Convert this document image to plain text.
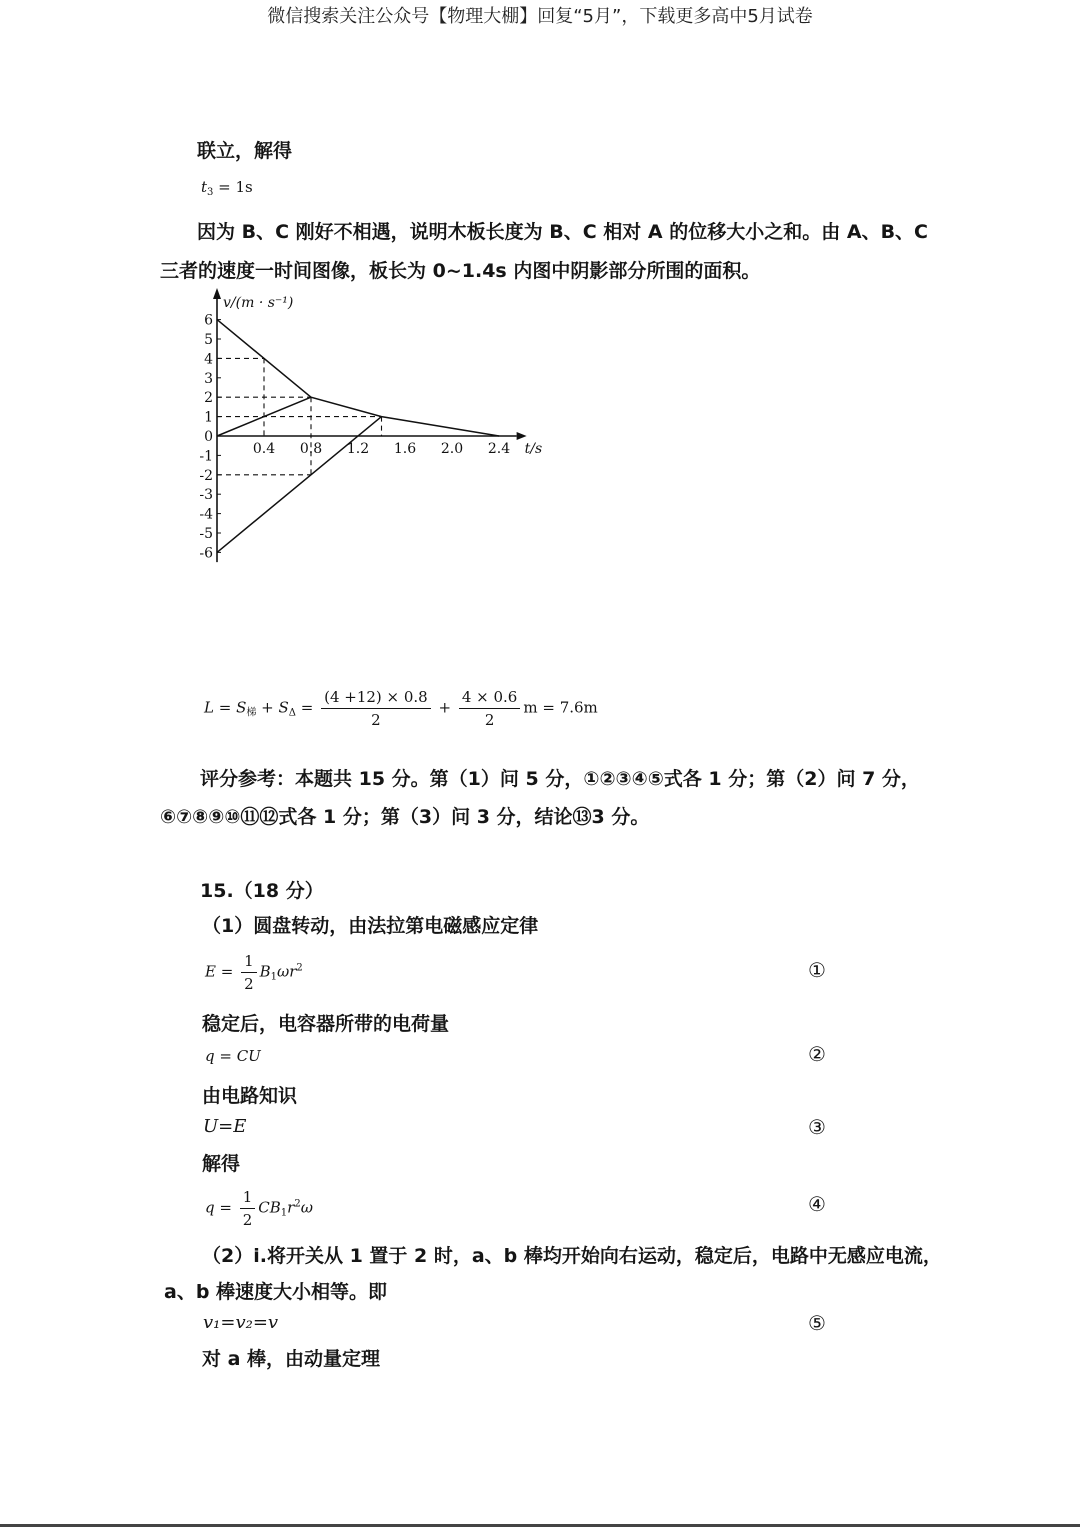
微信搜索关注公众号【物理大棚】回复“5月”，下载更多高中5月试卷
联立，解得
$t_3 = 1s$
因为 B、C 刚好不相遇，说明木板长度为 B、C 相对 A 的位移大小之和。由 A、B、C
三者的速度一时间图像，板长为 0~1.4s 内图中阴影部分所围的面积。
6
5
4
3
2
1
0
-1
-2
-3
-4
-5
-6
0.4 0.8 1.2 1.6 2.0 2.4 t/s
v/(m · s⁻¹)
$L = S_梯 + S_\Delta = \frac{(4 +12) \times 0.8}{2} + \frac{4 \times 0.6}{2}$ m = 7.6m
评分参考：本题共 15 分。第（1）问 5 分，①②③④⑤式各 1 分；第（2）问 7 分，
⑥⑦⑧⑨⑩⑪⑫式各 1 分；第（3）问 3 分，结论⑬3 分。
15.（18 分）
（1）圆盘转动，由法拉第电磁感应定律
$E = \frac{1}{2} B_1\omega r^2$	①
稳定后，电容器所带的电荷量
q = CU	②
由电路知识
U=E	③
解得
$q = \frac{1}{2} CB_1r^2\omega$	④
（2）i.将开关从 1 置于 2 时，a、b 棒均开始向右运动，稳定后，电路中无感应电流，
a、b 棒速度大小相等。即
v₁=v₂=v	⑤
对 a 棒，由动量定理
